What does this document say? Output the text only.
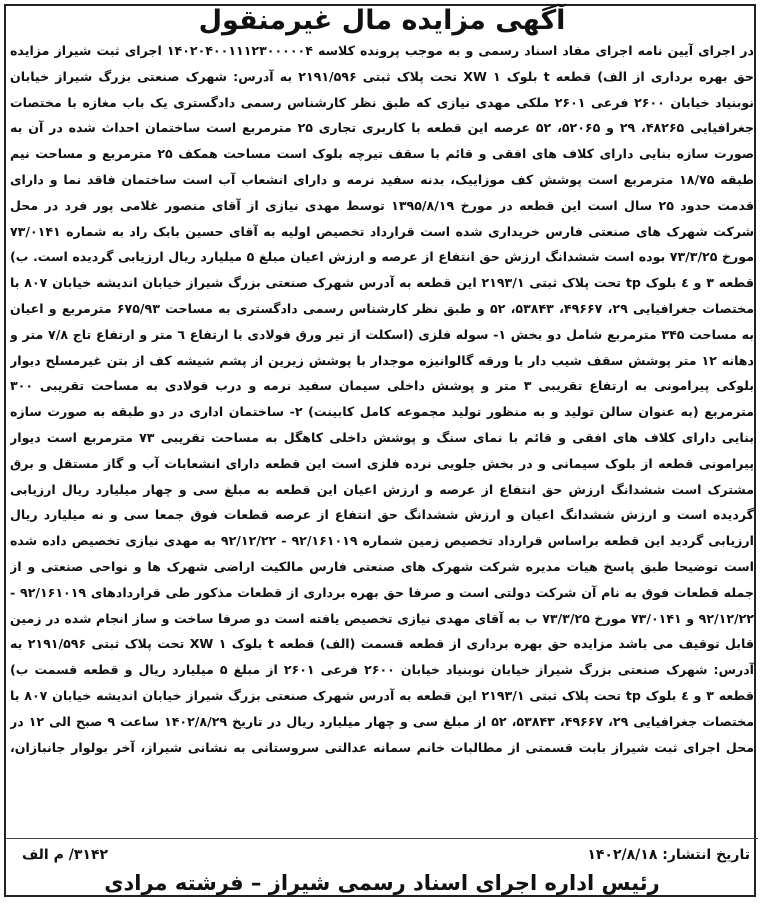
آگهی مزایده مال غیرمنقول
در اجرای آیین نامه اجرای مفاد اسناد رسمی و به موجب پرونده کلاسه ۱۴۰۲۰۴۰۰۱۱۱۲۳۰۰۰۰۰۴ اجرای ثبت شیراز مزایده حق بهره برداری از الف) قطعه t بلوک ۱ XW تحت پلاک ثبتی ۲۱۹۱/۵۹۶ به آدرس: شهرک صنعتی بزرگ شیراز خیابان نوبنیاد خیابان ۲۶۰۰ فرعی ۲۶۰۱ ملکی مهدی نیازی که طبق نظر کارشناس رسمی دادگستری یک باب مغازه با مختصات جغرافیایی ۴۸۲۶۵، ۲۹ و ۵۲۰۶۵، ۵۲ عرصه این قطعه با کاربری تجاری ۲۵ مترمربع است ساختمان احداث شده در آن به صورت سازه بنایی دارای کلاف های افقی و قائم با سقف تیرچه بلوک است مساحت همکف ۲۵ مترمربع و مساحت نیم طبقه ۱۸/۷۵ مترمربع است پوشش کف موزاییک، بدنه سفید نرمه و دارای انشعاب آب است ساختمان فاقد نما و دارای قدمت حدود ۲۵ سال است این قطعه در مورخ ۱۳۹۵/۸/۱۹ توسط مهدی نیازی از آقای منصور غلامی پور فرد در محل شرکت شهرک های صنعتی فارس خریداری شده است قرارداد تخصیص اولیه به آقای حسین بابک راد به شماره ۷۳/۰۱۴۱ مورخ ۷۳/۳/۲۵ بوده است ششدانگ ارزش حق انتفاع از عرصه و ارزش اعیان مبلغ ۵ میلیارد ریال ارزیابی گردیده است. ب) قطعه ۳ و ٤ بلوک tp تحت پلاک ثبتی ۲۱۹۳/۱ این قطعه به آدرس شهرک صنعتی بزرگ شیراز خیابان اندیشه خیابان ۸۰۷ با مختصات جغرافیایی ۲۹، ۴۹۶۶۷، ۵۳۸۴۳، ۵۲ و طبق نظر کارشناس رسمی دادگستری به مساحت ۶۷۵/۹۳ مترمربع و اعیان به مساحت ۳۴۵ مترمربع شامل دو بخش ۱- سوله فلزی (اسکلت از تیر ورق فولادی با ارتفاع ٦ متر و ارتفاع تاج ۷/۸ متر و دهانه ۱۲ متر پوشش سقف شیب دار با ورقه گالوانیزه موجدار با پوشش زیرین از پشم شیشه کف از بتن غیرمسلح دیوار بلوکی پیرامونی به ارتفاع تقریبی ۳ متر و پوشش داخلی سیمان سفید نرمه و درب فولادی به مساحت تقریبی ۳۰۰ مترمربع (به عنوان سالن تولید و به منظور تولید مجموعه کامل کابینت) ۲- ساختمان اداری در دو طبقه به صورت سازه بنایی دارای کلاف های افقی و قائم با نمای سنگ و پوشش داخلی کاهگل به مساحت تقریبی ۷۳ مترمربع است دیوار پیرامونی قطعه از بلوک سیمانی و در بخش جلویی نرده فلزی است این قطعه دارای انشعابات آب و گاز مستقل و برق مشترک است ششدانگ ارزش حق انتفاع از عرصه و ارزش اعیان این قطعه به مبلغ سی و چهار میلیارد ریال ارزیابی گردیده است و ارزش ششدانگ اعیان و ارزش ششدانگ حق انتفاع از عرصه قطعات فوق جمعا سی و نه میلیارد ریال ارزیابی گردید این قطعه براساس قرارداد تخصیص زمین شماره ۹۲/۱۶۱۰۱۹ - ۹۲/۱۲/۲۲ به مهدی نیازی تخصیص داده شده است توضیحا طبق پاسخ هیات مدیره شرکت شهرک های صنعتی فارس مالکیت اراضی شهرک ها و نواحی صنعتی و از جمله قطعات فوق به نام آن شرکت دولتی است و صرفا حق بهره برداری از قطعات مذکور طی قراردادهای ۹۲/۱۶۱۰۱۹ - ۹۲/۱۲/۲۲ و ۷۳/۰۱۴۱ مورخ ۷۳/۳/۲۵ ب به آقای مهدی نیازی تخصیص یافته است دو صرفا ساخت و ساز انجام شده در زمین قابل توقیف می باشد مزایده حق بهره برداری از قطعه قسمت (الف) قطعه t بلوک ۱ XW تحت پلاک ثبتی ۲۱۹۱/۵۹۶ به آدرس: شهرک صنعتی بزرگ شیراز خیابان نوبنیاد خیابان ۲۶۰۰ فرعی ۲۶۰۱ از مبلغ ۵ میلیارد ریال و قطعه قسمت ب) قطعه ۳ و ٤ بلوک tp تحت پلاک ثبتی ۲۱۹۳/۱ این قطعه به آدرس شهرک صنعتی بزرگ شیراز خیابان اندیشه خیابان ۸۰۷ با مختصات جغرافیایی ۲۹، ۴۹۶۶۷، ۵۳۸۴۳، ۵۲ از مبلغ سی و چهار میلیارد ریال در تاریخ ۱۴۰۲/۸/۲۹ ساعت ۹ صبح الی ۱۲ در محل اجرای ثبت شیراز بابت قسمتی از مطالبات خانم سمانه عدالتی سروستانی به نشانی شیراز، آخر بولوار جانبازان،
تاریخ انتشار: ۱۴۰۲/۸/۱۸
۳۱۴۲/ م الف
رئیس اداره اجرای اسناد رسمی شیراز – فرشته مرادی
